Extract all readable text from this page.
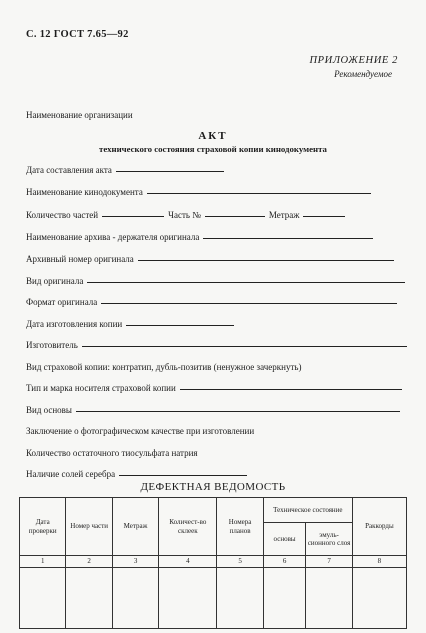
С. 12 ГОСТ 7.65—92
ПРИЛОЖЕНИЕ 2
Рекомендуемое
Наименование организации
АКТ
технического состояния страховой копии кинодокумента
Дата составления акта
Наименование кинодокумента
Количество частей	Часть №	Метраж
Наименование архива - держателя оригинала
Архивный номер оригинала
Вид оригинала
Формат оригинала
Дата изготовления копии
Изготовитель
Вид страховой копии: контратип, дубль-позитив (ненужное зачеркнуть)
Тип и марка носителя страховой копии
Вид основы
Заключение о фотографическом качестве при изготовлении
Количество остаточного тиосульфата натрия
Наличие солей серебра
ДЕФЕКТНАЯ ВЕДОМОСТЬ
Дата проверки	Номер части	Метраж	Количест-во склеек	Номера планов	Техническое состояние		Раккорды
					основы	эмуль-сионного слоя	
1	2	3	4	5	6	7	8
